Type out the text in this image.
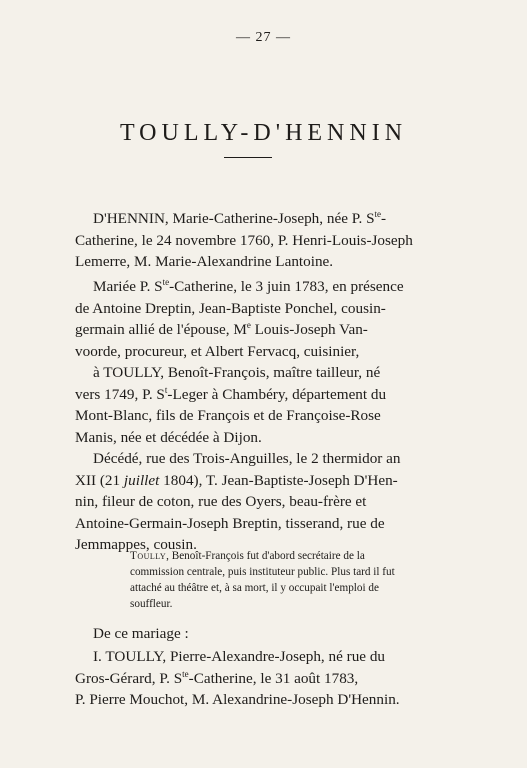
— 27 —
TOULLY-D'HENNIN
D'HENNIN, Marie-Catherine-Joseph, née P. $S^{te}-$
Catherine, le 24 novembre 1760, P. Henri-Louis-Joseph
Lemerre, M. Marie-Alexandrine Lantoine.
Mariée P. $S^{te}$-Catherine, le 3 juin 1783, en présence
de Antoine Dreptin, Jean-Baptiste Ponchel, cousin-
germain allié de l'épouse, Me Louis-Joseph Van-
voorde, procureur, et Albert Fervacq, cuisinier,
à TOULLY, Benoît-François, maître tailleur, né
vers 1749, P. $S^t$-Leger à Chambéry, département du
Mont-Blanc, fils de François et de Françoise-Rose
Manis, née et décédée à Dijon.
Décédé, rue des Trois-Anguilles, le 2 thermidor an
XII (21 juillet 1804), T. Jean-Baptiste-Joseph D'Hen-
nin, fileur de coton, rue des Oyers, beau-frère et
Antoine-Germain-Joseph Breptin, tisserand, rue de
Jemmappes, cousin.
Toully, Benoît-François fut d'abord secrétaire de la
commission centrale, puis instituteur public. Plus tard il fut
attaché au théâtre et, à sa mort, il y occupait l'emploi de
souffleur.
De ce mariage :
I. TOULLY, Pierre-Alexandre-Joseph, né rue du
Gros-Gérard, P. $S^{te}$-Catherine, le 31 août 1783,
P. Pierre Mouchot, M. Alexandrine-Joseph D'Hennin.
